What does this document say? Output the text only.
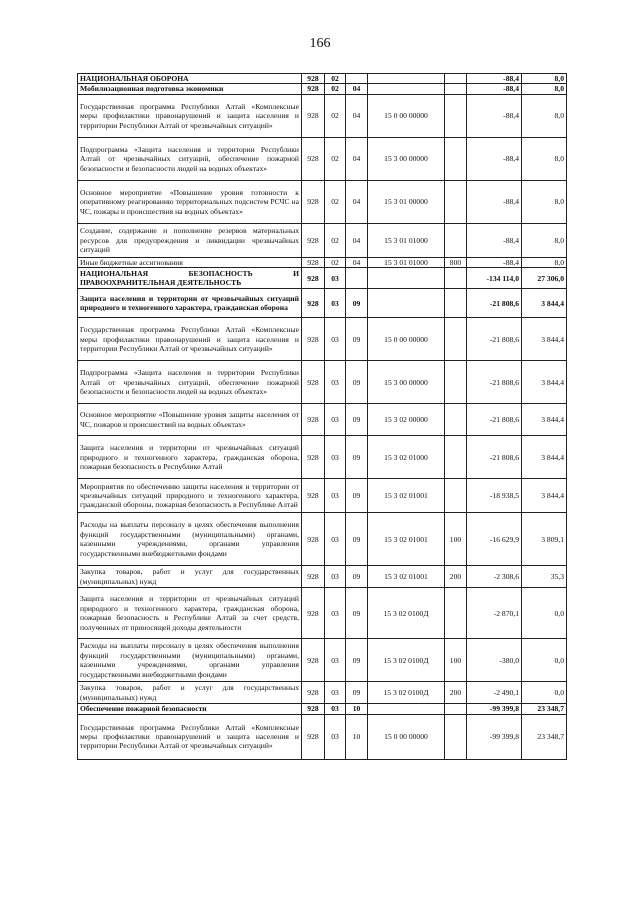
166
НАЦИОНАЛЬНАЯ ОБОРОНА	928	02				-88,4	8,0
Мобилизационная подготовка экономики	928	02	04			-88,4	8,0
Государственная программа Республики Алтай «Комплексные меры профилактики правонарушений и защита населения и территории Республики Алтай от чрезвычайных ситуаций»	928	02	04	15 0 00 00000		-88,4	8,0
Подпрограмма «Защита населения и территории Республики Алтай от чрезвычайных ситуаций, обеспечение пожарной безопасности и безопасности людей на водных объектах»	928	02	04	15 3 00 00000		-88,4	8,0
Основное мероприятие «Повышение уровня готовности к оперативному реагированию территориальных подсистем РСЧС на ЧС, пожары и происшествия на водных объектах»	928	02	04	15 3 01 00000		-88,4	8,0
Создание, содержание и пополнение резервов материальных ресурсов для предупреждения и ликвидации чрезвычайных ситуаций	928	02	04	15 3 01 01000		-88,4	8,0
Иные бюджетные ассигнования	928	02	04	15 3 01 01000	800	-88,4	8,0
НАЦИОНАЛЬНАЯ БЕЗОПАСНОСТЬ И ПРАВООХРАНИТЕЛЬНАЯ ДЕЯТЕЛЬНОСТЬ	928	03				-134 114,0	27 306,0
Защита населения и территории от чрезвычайных ситуаций природного и техногенного характера, гражданская оборона	928	03	09			-21 808,6	3 844,4
Государственная программа Республики Алтай «Комплексные меры профилактики правонарушений и защита населения и территории Республики Алтай от чрезвычайных ситуаций»	928	03	09	15 0 00 00000		-21 808,6	3 844,4
Подпрограмма «Защита населения и территории Республики Алтай от чрезвычайных ситуаций, обеспечение пожарной безопасности и безопасности людей на водных объектах»	928	03	09	15 3 00 00000		-21 808,6	3 844,4
Основное мероприятие «Повышение уровня защиты населения от ЧС, пожаров и происшествий на водных объектах»	928	03	09	15 3 02 00000		-21 808,6	3 844,4
Защита населения и территории от чрезвычайных ситуаций природного и техногенного характера, гражданская оборона, пожарная безопасность в Республике Алтай	928	03	09	15 3 02 01000		-21 808,6	3 844,4
Мероприятия по обеспечению защиты населения и территории от чрезвычайных ситуаций природного и техногенного характера, гражданской обороны, пожарная безопасность в Республике Алтай	928	03	09	15 3 02 01001		-18 938,5	3 844,4
Расходы на выплаты персоналу в целях обеспечения выполнения функций государственными (муниципальными) органами, казенными учреждениями, органами управления государственными внебюджетными фондами	928	03	09	15 3 02 01001	100	-16 629,9	3 809,1
Закупка товаров, работ и услуг для государственных (муниципальных) нужд	928	03	09	15 3 02 01001	200	-2 308,6	35,3
Защита населения и территории от чрезвычайных ситуаций природного и техногенного характера, гражданская оборона, пожарная безопасность в Республике Алтай за счет средств, полученных от приносящей доходы деятельности	928	03	09	15 3 02 0100Д		-2 870,1	0,0
Расходы на выплаты персоналу в целях обеспечения выполнения функций государственными (муниципальными) органами, казенными учреждениями, органами управления государственными внебюджетными фондами	928	03	09	15 3 02 0100Д	100	-380,0	0,0
Закупка товаров, работ и услуг для государственных (муниципальных) нужд	928	03	09	15 3 02 0100Д	200	-2 490,1	0,0
Обеспечение пожарной безопасности	928	03	10			-99 399,8	23 348,7
Государственная программа Республики Алтай «Комплексные меры профилактики правонарушений и защита населения и территории Республики Алтай от чрезвычайных ситуаций»	928	03	10	15 0 00 00000		-99 399,8	23 348,7
